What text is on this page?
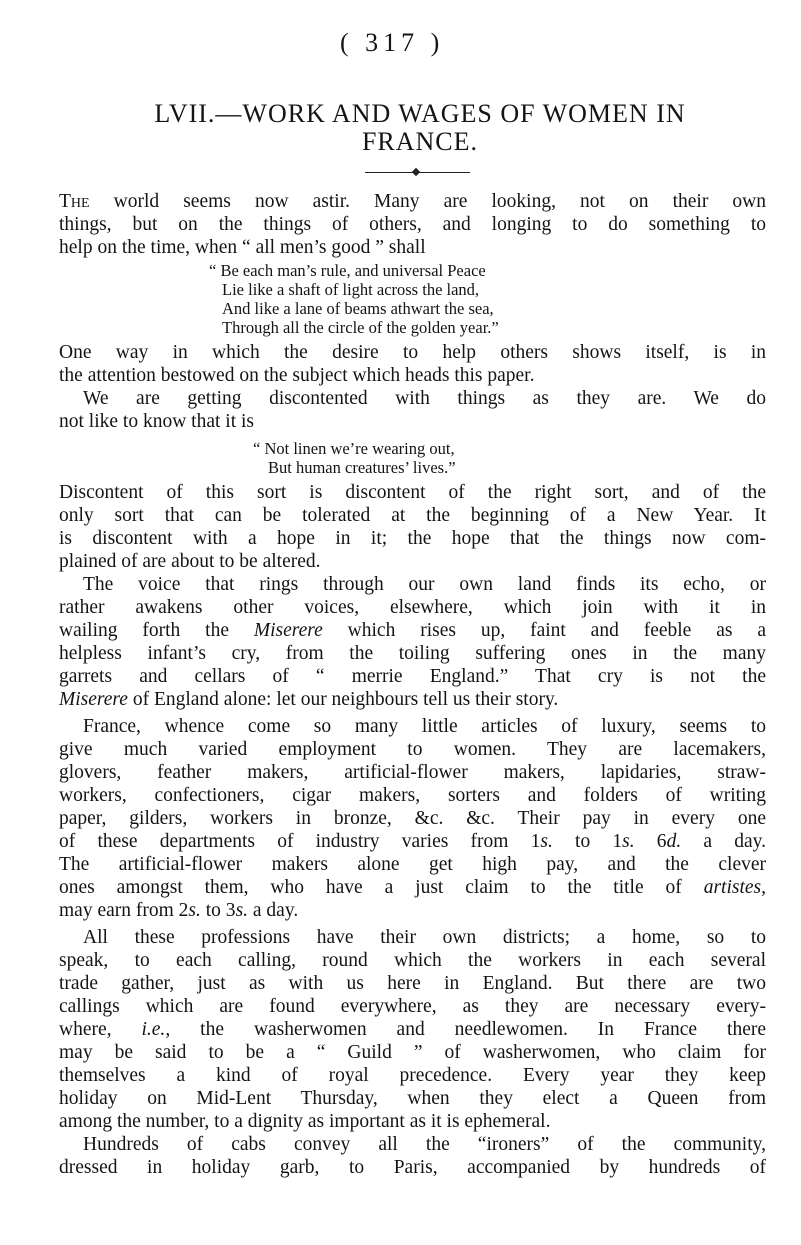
( 317 )
LVII.—WORK AND WAGES OF WOMEN IN
FRANCE.
The world seems now astir. Many are looking, not on their own
things, but on the things of others, and longing to do something to
help on the time, when “ all men’s good ” shall
“ Be each man’s rule, and universal Peace
Lie like a shaft of light across the land,
And like a lane of beams athwart the sea,
Through all the circle of the golden year.”
One way in which the desire to help others shows itself, is in
the attention bestowed on the subject which heads this paper.
We are getting discontented with things as they are. We do
not like to know that it is
“ Not linen we’re wearing out,
But human creatures’ lives.”
Discontent of this sort is discontent of the right sort, and of the
only sort that can be tolerated at the beginning of a New Year. It
is discontent with a hope in it; the hope that the things now com-
plained of are about to be altered.
The voice that rings through our own land finds its echo, or
rather awakens other voices, elsewhere, which join with it in
wailing forth the Miserere which rises up, faint and feeble as a
helpless infant’s cry, from the toiling suffering ones in the many
garrets and cellars of “ merrie England.” That cry is not the
Miserere of England alone: let our neighbours tell us their story.
France, whence come so many little articles of luxury, seems to
give much varied employment to women. They are lacemakers,
glovers, feather makers, artificial-flower makers, lapidaries, straw-
workers, confectioners, cigar makers, sorters and folders of writing
paper, gilders, workers in bronze, &c. &c. Their pay in every one
of these departments of industry varies from 1s. to 1s. 6d. a day.
The artificial-flower makers alone get high pay, and the clever
ones amongst them, who have a just claim to the title of artistes,
may earn from 2s. to 3s. a day.
All these professions have their own districts; a home, so to
speak, to each calling, round which the workers in each several
trade gather, just as with us here in England. But there are two
callings which are found everywhere, as they are necessary every-
where, i.e., the washerwomen and needlewomen. In France there
may be said to be a “ Guild ” of washerwomen, who claim for
themselves a kind of royal precedence. Every year they keep
holiday on Mid-Lent Thursday, when they elect a Queen from
among the number, to a dignity as important as it is ephemeral.
Hundreds of cabs convey all the “ironers” of the community,
dressed in holiday garb, to Paris, accompanied by hundreds of
